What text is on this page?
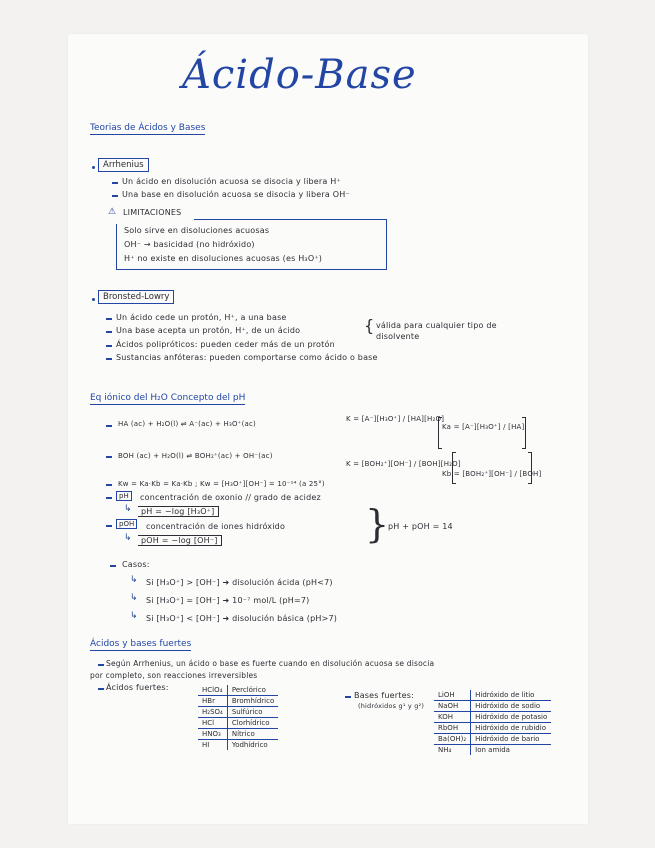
Ácido-Base
Teorias de Ácidos y Bases
Arrhenius
Un ácido en disolución acuosa se disocia y libera H⁺
Una base en disolución acuosa se disocia y libera OH⁻
⚠ LIMITACIONES
Solo sirve en disoluciones acuosas
OH⁻ → basicidad (no hidróxido)
H⁺ no existe en disoluciones acuosas (es H₃O⁺)
Bronsted-Lowry
Un ácido cede un protón, H⁺, a una base
Una base acepta un protón, H⁺, de un ácido	{ válida para cualquier tipo de disolvente
Ácidos polipróticos: pueden ceder más de un protón
Sustancias anfóteras: pueden comportarse como ácido o base
Eq iónico del H₂O Concepto del pH
HA (ac) + H₂O(l) ⇌ A⁻(ac) + H₃O⁺(ac)
K = [A⁻][H₃O⁺] / [HA][H₂O]
Ka = [A⁻][H₃O⁺] / [HA]
BOH (ac) + H₂O(l) ⇌ BOH₂⁺(ac) + OH⁻(ac)
K = [BOH₂⁺][OH⁻] / [BOH][H₂O]
Kb = [BOH₂⁺][OH⁻] / [BOH]
Kw = Ka·Kb = Ka·Kb ; Kw = [H₃O⁺][OH⁻] = 10⁻¹⁴ (a 25°)
pH	concentración de oxonio // grado de acidez
↳	pH = −log [H₃O⁺]
pOH	concentración de iones hidróxido
↳	pOH = −log [OH⁻]	}
pH + pOH = 14
Casos:
↳ Si [H₃O⁺] > [OH⁻] ➜ disolución ácida (pH<7)
↳ Si [H₃O⁺] = [OH⁻] ➜ 10⁻⁷ mol/L (pH=7)
↳ Si [H₃O⁺] < [OH⁻] ➜ disolución básica (pH>7)
Ácidos y bases fuertes
Según Arrhenius, un ácido o base es fuerte cuando en disolución acuosa se disocia
por completo, son reacciones irreversibles
Ácidos fuertes:	HClO₄	Perclórico
HBr	Bromhídrico
H₂SO₄	Sulfúrico
HCl	Clorhídrico
HNO₃	Nítrico
HI	Yodhídrico
Bases fuertes:
(hidróxidos g¹ y g²)
LiOH	Hidróxido de litio
NaOH	Hidróxido de sodio
KOH	Hidróxido de potasio
RbOH	Hidróxido de rubidio
Ba(OH)₂	Hidróxido de bario
NH₄	Ion amida
